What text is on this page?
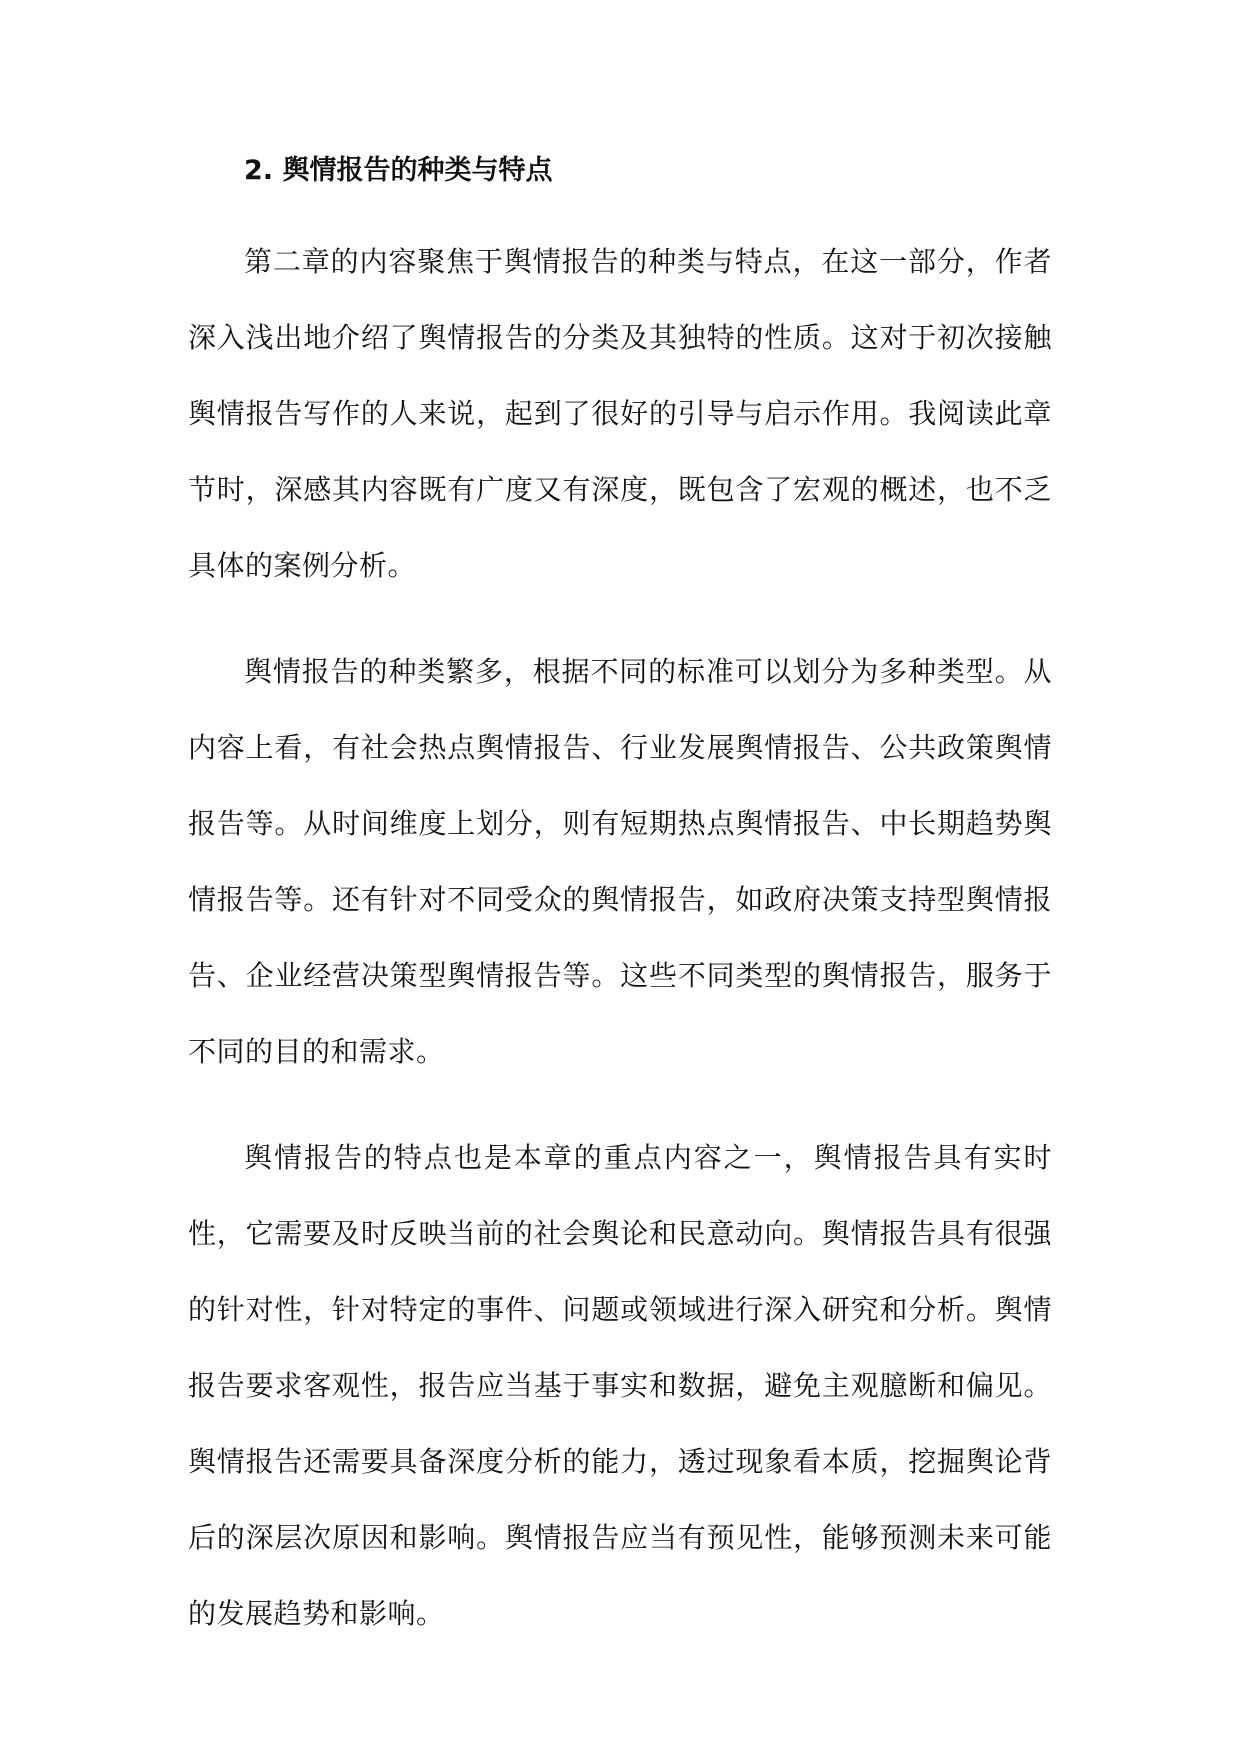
2. 舆情报告的种类与特点

第二章的内容聚焦于舆情报告的种类与特点，在这一部分，作者深入浅出地介绍了舆情报告的分类及其独特的性质。这对于初次接触舆情报告写作的人来说，起到了很好的引导与启示作用。我阅读此章节时，深感其内容既有广度又有深度，既包含了宏观的概述，也不乏具体的案例分析。

舆情报告的种类繁多，根据不同的标准可以划分为多种类型。从内容上看，有社会热点舆情报告、行业发展舆情报告、公共政策舆情报告等。从时间维度上划分，则有短期热点舆情报告、中长期趋势舆情报告等。还有针对不同受众的舆情报告，如政府决策支持型舆情报告、企业经营决策型舆情报告等。这些不同类型的舆情报告，服务于不同的目的和需求。

舆情报告的特点也是本章的重点内容之一，舆情报告具有实时性，它需要及时反映当前的社会舆论和民意动向。舆情报告具有很强的针对性，针对特定的事件、问题或领域进行深入研究和分析。舆情报告要求客观性，报告应当基于事实和数据，避免主观臆断和偏见。舆情报告还需要具备深度分析的能力，透过现象看本质，挖掘舆论背后的深层次原因和影响。舆情报告应当有预见性，能够预测未来可能的发展趋势和影响。
